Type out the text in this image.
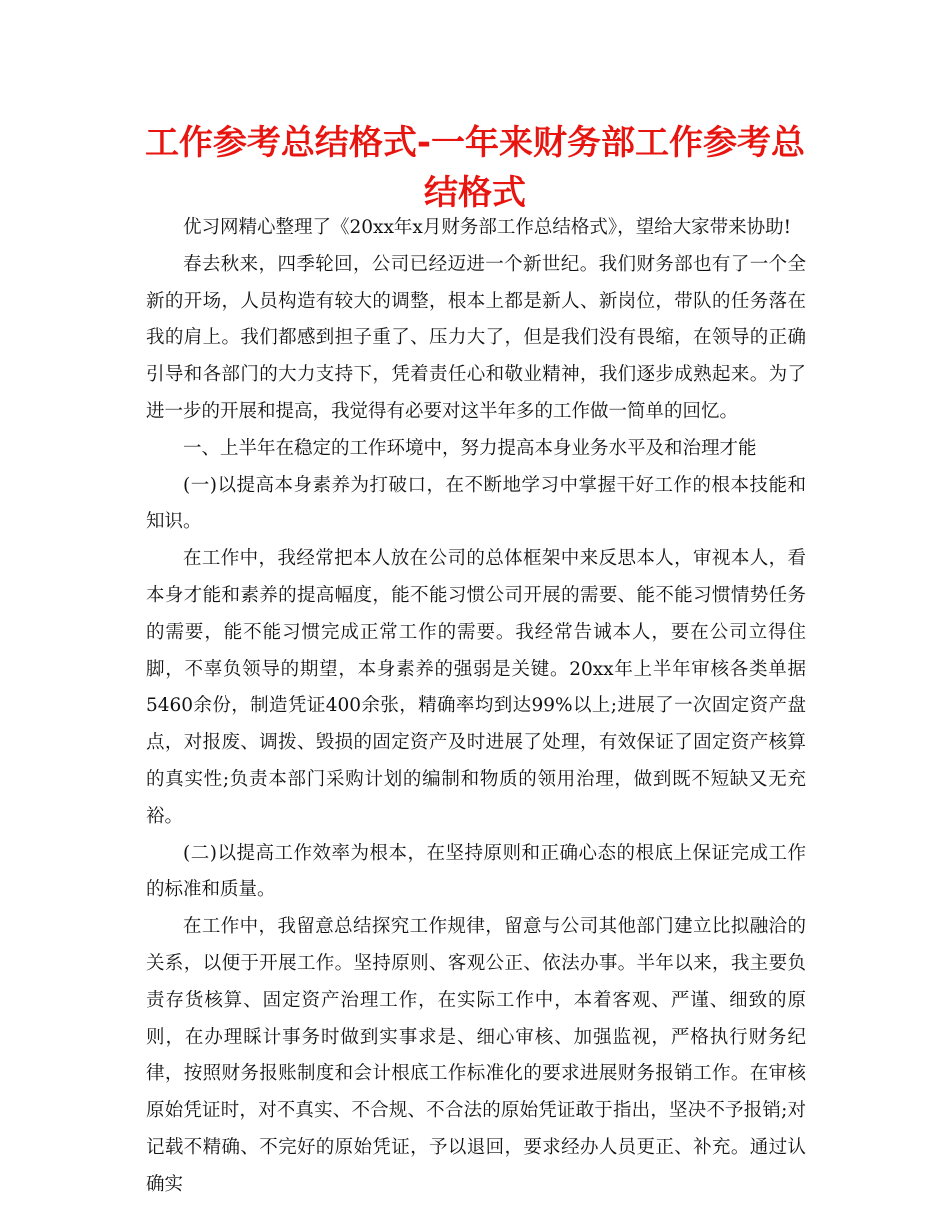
工作参考总结格式-一年来财务部工作参考总结格式

优习网精心整理了《20xx年x月财务部工作总结格式》，望给大家带来协助!

春去秋来，四季轮回，公司已经迈进一个新世纪。我们财务部也有了一个全新的开场，人员构造有较大的调整，根本上都是新人、新岗位，带队的任务落在我的肩上。我们都感到担子重了、压力大了，但是我们没有畏缩，在领导的正确引导和各部门的大力支持下，凭着责任心和敬业精神，我们逐步成熟起来。为了进一步的开展和提高，我觉得有必要对这半年多的工作做一简单的回忆。

一、上半年在稳定的工作环境中，努力提高本身业务水平及和治理才能

(一)以提高本身素养为打破口，在不断地学习中掌握干好工作的根本技能和知识。

在工作中，我经常把本人放在公司的总体框架中来反思本人，审视本人，看本身才能和素养的提高幅度，能不能习惯公司开展的需要、能不能习惯情势任务的需要，能不能习惯完成正常工作的需要。我经常告诫本人，要在公司立得住脚，不辜负领导的期望，本身素养的强弱是关键。20xx年上半年审核各类单据5460余份，制造凭证400余张，精确率均到达99%以上;进展了一次固定资产盘点，对报废、调拨、毁损的固定资产及时进展了处理，有效保证了固定资产核算的真实性;负责本部门采购计划的编制和物质的领用治理，做到既不短缺又无充裕。

(二)以提高工作效率为根本，在坚持原则和正确心态的根底上保证完成工作的标准和质量。

在工作中，我留意总结探究工作规律，留意与公司其他部门建立比拟融洽的关系，以便于开展工作。坚持原则、客观公正、依法办事。半年以来，我主要负责存货核算、固定资产治理工作，在实际工作中，本着客观、严谨、细致的原则，在办理睬计事务时做到实事求是、细心审核、加强监视，严格执行财务纪律，按照财务报账制度和会计根底工作标准化的要求进展财务报销工作。在审核原始凭证时，对不真实、不合规、不合法的原始凭证敢于指出，坚决不予报销;对记载不精确、不完好的原始凭证，予以退回，要求经办人员更正、补充。通过认确实
